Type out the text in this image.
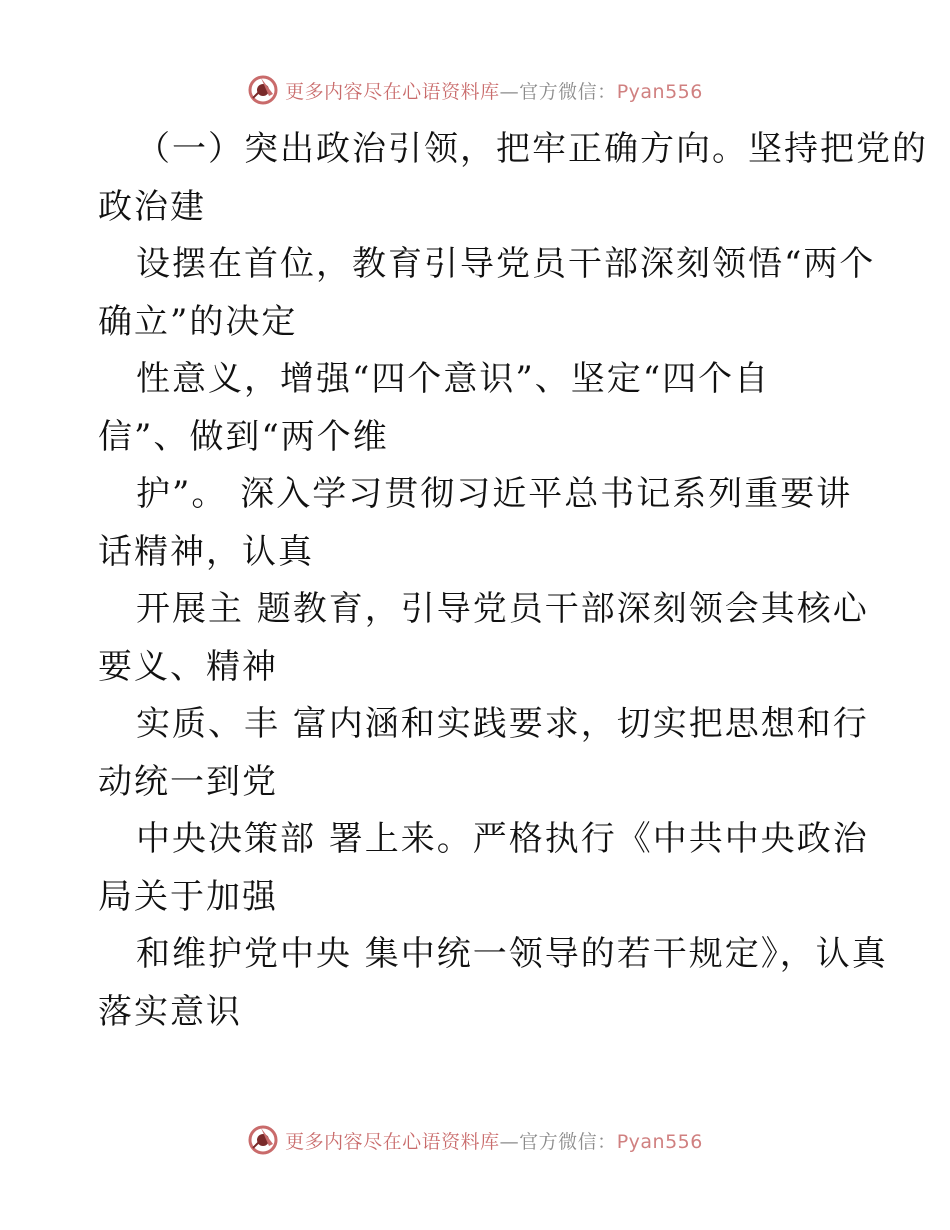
更多内容尽在心语资料库—官方微信：Pyan556
（一）突出政治引领，把牢正确方向。坚持把党的
政治建
设摆在首位，教育引导党员干部深刻领悟“两个
确立”的决定
性意义，增强“四个意识”、坚定“四个自
信”、做到“两个维
护”。 深入学习贯彻习近平总书记系列重要讲
话精神，认真
开展主 题教育，引导党员干部深刻领会其核心
要义、精神
实质、丰 富内涵和实践要求，切实把思想和行
动统一到党
中央决策部 署上来。严格执行《中共中央政治
局关于加强
和维护党中央 集中统一领导的若干规定》，认真
落实意识
更多内容尽在心语资料库—官方微信：Pyan556
